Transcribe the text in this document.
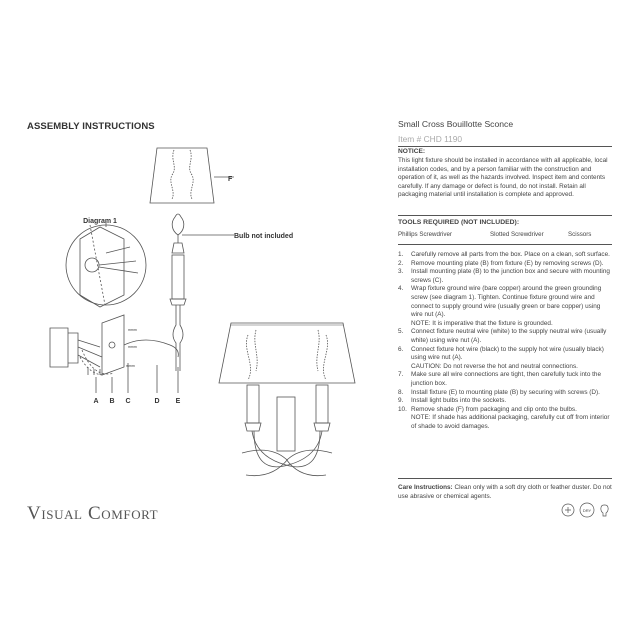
ASSEMBLY INSTRUCTIONS
F
Diagram 1
Bulb not included
A B C	D E
mmm
mmm
mmm
Visual Comfort
Small Cross Bouillotte Sconce
Item # CHD 1190
NOTICE:
This light fixture should be installed in accordance with all applicable, local installation codes, and by a person familiar with the construction and operation of it, as well as the hazards involved. Inspect item and contents carefully. If any damage or defect is found, do not install. Retain all packaging material until installation is complete and approved.
TOOLS REQUIRED (NOT INCLUDED):
Phillips Screwdriver	Slotted Screwdriver	Scissors
1. Carefully remove all parts from the box. Place on a clean, soft surface.
2. Remove mounting plate (B) from fixture (E) by removing screws (D).
3. Install mounting plate (B) to the junction box and secure with mounting screws (C).
4. Wrap fixture ground wire (bare copper) around the green grounding screw (see diagram 1). Tighten. Continue fixture ground wire and connect to supply ground wire (usually green or bare copper) using wire nut (A).
NOTE: It is imperative that the fixture is grounded.
5. Connect fixture neutral wire (white) to the supply neutral wire (usually white) using wire nut (A).
6. Connect fixture hot wire (black) to the supply hot wire (usually black) using wire nut (A).
CAUTION: Do not reverse the hot and neutral connections.
7. Make sure all wire connections are tight, then carefully tuck into the junction box.
8. Install fixture (E) to mounting plate (B) by securing with screws (D).
9. Install light bulbs into the sockets.
10. Remove shade (F) from packaging and clip onto the bulbs.
NOTE: If shade has additional packaging, carefully cut off from interior of shade to avoid damages.
Care Instructions: Clean only with a soft dry cloth or feather duster. Do not use abrasive or chemical agents.
DRY
